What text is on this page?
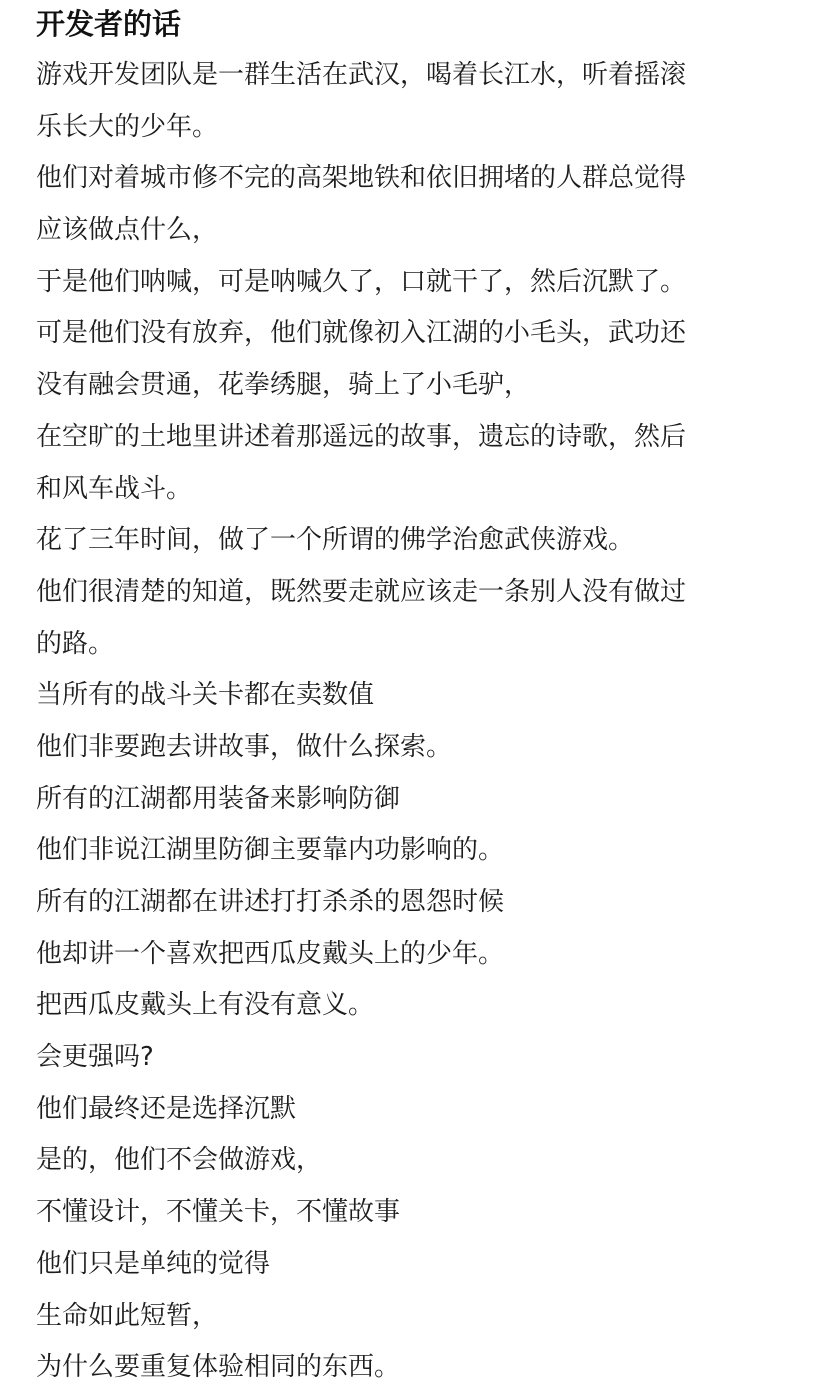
开发者的话
游戏开发团队是一群生活在武汉，喝着长江水，听着摇滚
乐长大的少年。
他们对着城市修不完的高架地铁和依旧拥堵的人群总觉得
应该做点什么，
于是他们呐喊，可是呐喊久了，口就干了，然后沉默了。
可是他们没有放弃，他们就像初入江湖的小毛头，武功还
没有融会贯通，花拳绣腿，骑上了小毛驴，
在空旷的土地里讲述着那遥远的故事，遗忘的诗歌，然后
和风车战斗。
花了三年时间，做了一个所谓的佛学治愈武侠游戏。
他们很清楚的知道，既然要走就应该走一条别人没有做过
的路。
当所有的战斗关卡都在卖数值
他们非要跑去讲故事，做什么探索。
所有的江湖都用装备来影响防御
他们非说江湖里防御主要靠内功影响的。
所有的江湖都在讲述打打杀杀的恩怨时候
他却讲一个喜欢把西瓜皮戴头上的少年。
把西瓜皮戴头上有没有意义。
会更强吗?
他们最终还是选择沉默
是的，他们不会做游戏，
不懂设计，不懂关卡，不懂故事
他们只是单纯的觉得
生命如此短暂，
为什么要重复体验相同的东西。
